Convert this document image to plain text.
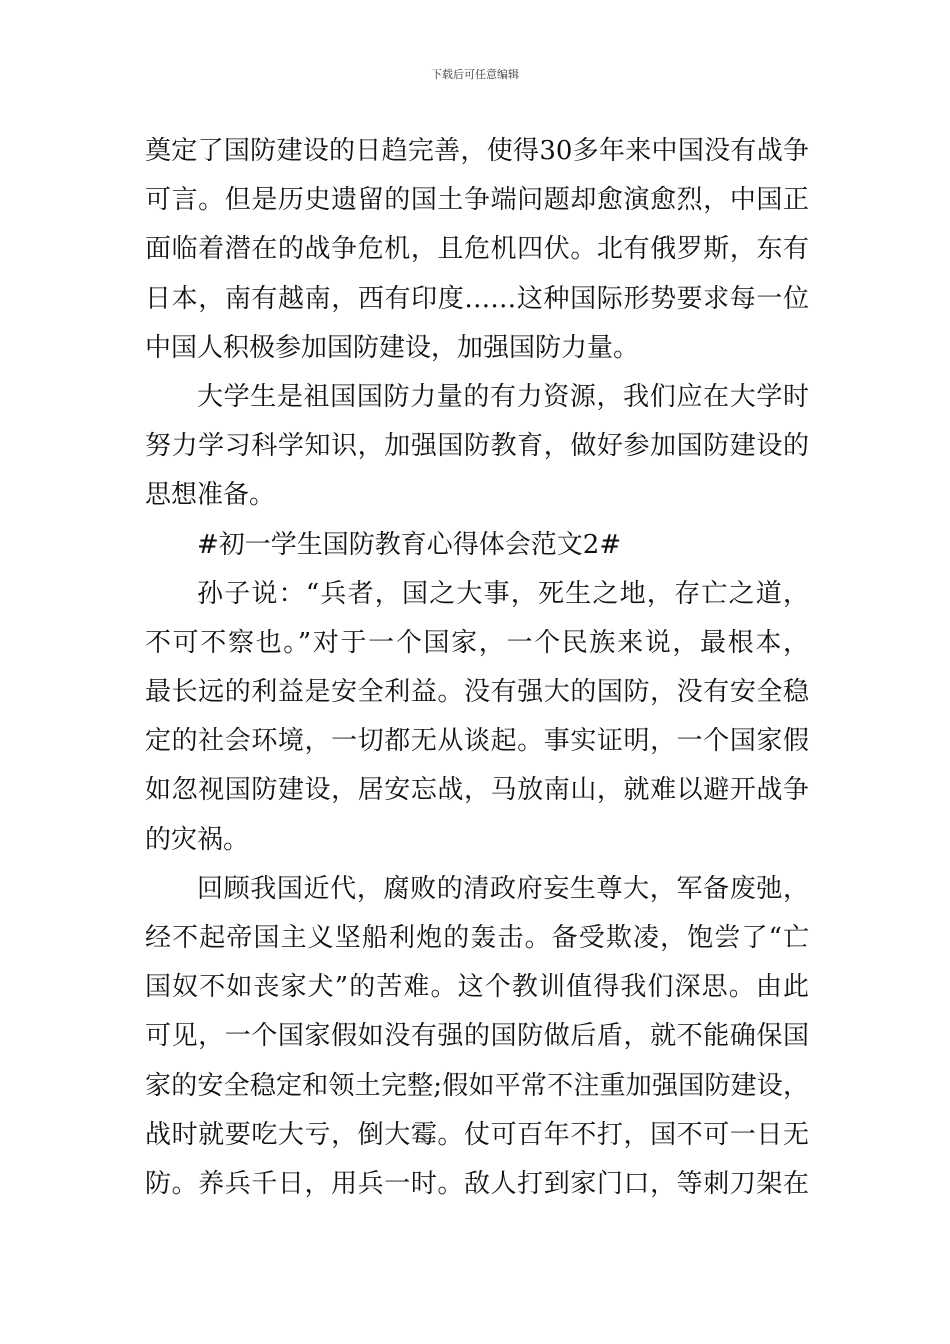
下载后可任意编辑
奠定了国防建设的日趋完善，使得30多年来中国没有战争
可言。但是历史遗留的国土争端问题却愈演愈烈，中国正
面临着潜在的战争危机，且危机四伏。北有俄罗斯，东有
日本，南有越南，西有印度……这种国际形势要求每一位
中国人积极参加国防建设，加强国防力量。
大学生是祖国国防力量的有力资源，我们应在大学时
努力学习科学知识，加强国防教育，做好参加国防建设的
思想准备。
#初一学生国防教育心得体会范文2#
孙子说：“兵者，国之大事，死生之地，存亡之道，
不可不察也。”对于一个国家，一个民族来说，最根本，
最长远的利益是安全利益。没有强大的国防，没有安全稳
定的社会环境，一切都无从谈起。事实证明，一个国家假
如忽视国防建设，居安忘战，马放南山，就难以避开战争
的灾祸。
回顾我国近代，腐败的清政府妄生尊大，军备废弛，
经不起帝国主义坚船利炮的轰击。备受欺凌，饱尝了“亡
国奴不如丧家犬”的苦难。这个教训值得我们深思。由此
可见，一个国家假如没有强的国防做后盾，就不能确保国
家的安全稳定和领土完整;假如平常不注重加强国防建设，
战时就要吃大亏，倒大霉。仗可百年不打，国不可一日无
防。养兵千日，用兵一时。敌人打到家门口，等刺刀架在
